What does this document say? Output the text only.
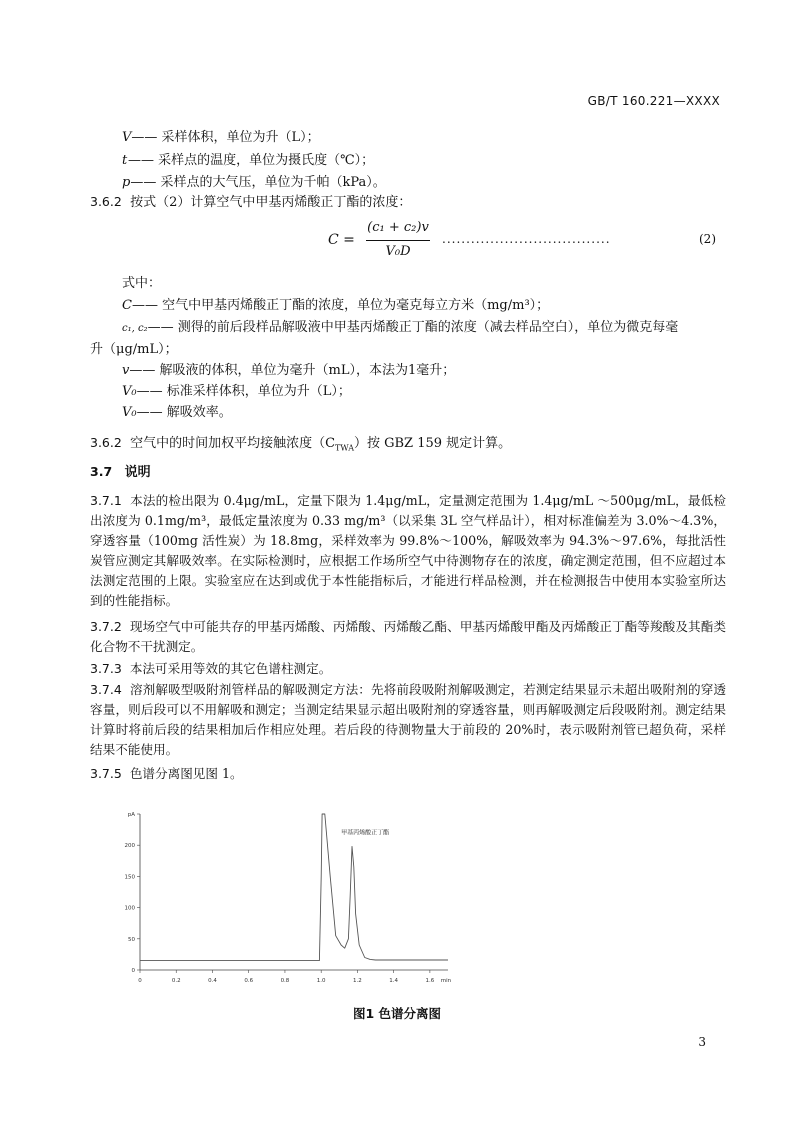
GB/T 160.221—XXXX
V—— 采样体积，单位为升（L）；
t—— 采样点的温度，单位为摄氏度（℃）；
p—— 采样点的大气压，单位为千帕（kPa）。
3.6.2 按式（2）计算空气中甲基丙烯酸正丁酯的浓度：
C =
(c₁ + c₂)v
V₀D
...................................	(2)
式中：
C—— 空气中甲基丙烯酸正丁酯的浓度，单位为毫克每立方米（mg/m³）；
c₁, c₂—— 测得的前后段样品解吸液中甲基丙烯酸正丁酯的浓度（减去样品空白），单位为微克每毫
升（μg/mL）；
v—— 解吸液的体积，单位为毫升（mL），本法为1毫升；
V₀—— 标准采样体积，单位为升（L）；
V₀—— 解吸效率。
3.6.2 空气中的时间加权平均接触浓度$(C_{TWA})$按 GBZ 159 规定计算。
3.7 说明
3.7.1 本法的检出限为 0.4μg/mL，定量下限为 1.4μg/mL，定量测定范围为 1.4μg/mL ～500μg/mL，最低检出浓度为 0.1mg/m³，最低定量浓度为 0.33 mg/m³（以采集 3L 空气样品计），相对标准偏差为 3.0%～4.3%，穿透容量（100mg 活性炭）为 18.8mg，采样效率为 99.8%～100%，解吸效率为 94.3%～97.6%，每批活性炭管应测定其解吸效率。在实际检测时，应根据工作场所空气中待测物存在的浓度，确定测定范围，但不应超过本法测定范围的上限。实验室应在达到或优于本性能指标后，才能进行样品检测，并在检测报告中使用本实验室所达到的性能指标。
3.7.2 现场空气中可能共存的甲基丙烯酸、丙烯酸、丙烯酸乙酯、甲基丙烯酸甲酯及丙烯酸正丁酯等羧酸及其酯类化合物不干扰测定。
3.7.3 本法可采用等效的其它色谱柱测定。
3.7.4 溶剂解吸型吸附剂管样品的解吸测定方法：先将前段吸附剂解吸测定，若测定结果显示未超出吸附剂的穿透容量，则后段可以不用解吸和测定；当测定结果显示超出吸附剂的穿透容量，则再解吸测定后段吸附剂。测定结果计算时将前后段的结果相加后作相应处理。若后段的待测物量大于前段的 20%时，表示吸附剂管已超负荷，采样结果不能使用。
3.7.5 色谱分离图见图 1。
0	0.2	0.4	0.6	0.8	1.0	1.2	1.4	1.6 min
0
50
100
150
200
pA
甲基丙烯酸正丁酯
图1 色谱分离图
3
